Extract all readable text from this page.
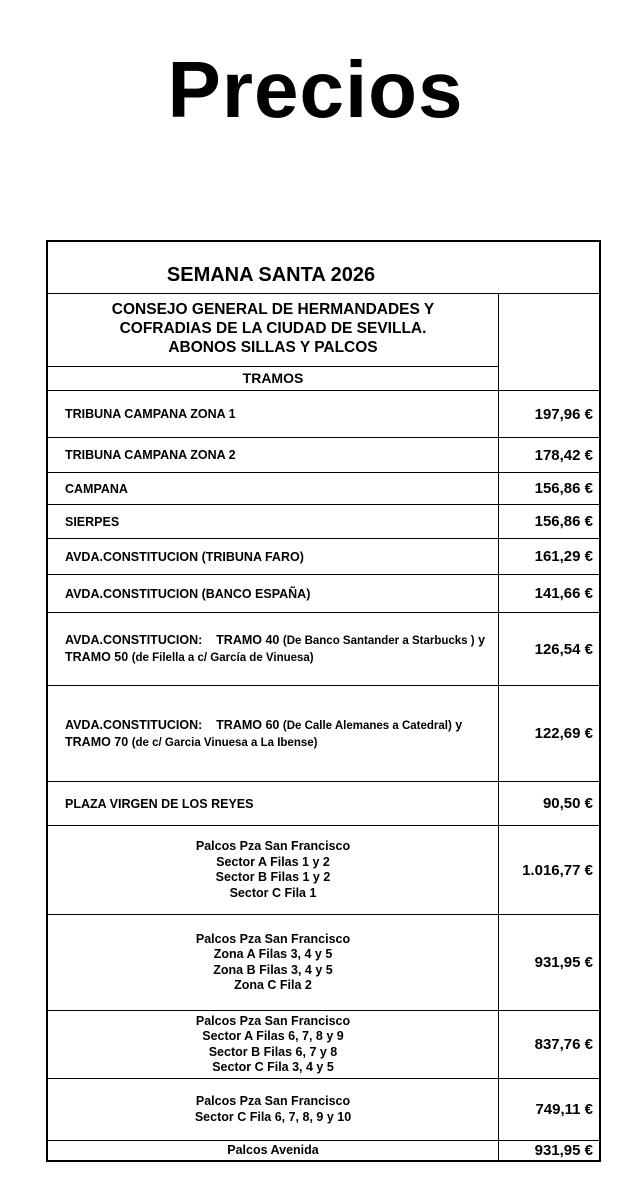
Precios
SEMANA SANTA 2026
CONSEJO GENERAL DE HERMANDADES Y
COFRADIAS DE LA CIUDAD DE SEVILLA.
ABONOS SILLAS Y PALCOS
TRAMOS
TRIBUNA CAMPANA ZONA 1	197,96 €
TRIBUNA CAMPANA ZONA 2	178,42 €
CAMPANA	156,86 €
SIERPES	156,86 €
AVDA.CONSTITUCION (TRIBUNA FARO)	161,29 €
AVDA.CONSTITUCION (BANCO ESPAÑA)	141,66 €
AVDA.CONSTITUCION: TRAMO 40 (De Banco Santander a Starbucks ) y TRAMO 50 (de Filella a c/ García de Vinuesa)
126,54 €
AVDA.CONSTITUCION: TRAMO 60 (De Calle Alemanes a Catedral) y TRAMO 70 (de c/ Garcia Vinuesa a La Ibense)
122,69 €
PLAZA VIRGEN DE LOS REYES	90,50 €
Palcos Pza San Francisco
Sector A Filas 1 y 2
Sector B Filas 1 y 2
Sector C Fila 1
1.016,77 €
Palcos Pza San Francisco
Zona A Filas 3, 4 y 5
Zona B Filas 3, 4 y 5
Zona C Fila 2
931,95 €
Palcos Pza San Francisco
Sector A Filas 6, 7, 8 y 9
Sector B Filas 6, 7 y 8
Sector C Fila 3, 4 y 5
837,76 €
Palcos Pza San Francisco
Sector C Fila 6, 7, 8, 9 y 10	749,11 €
Palcos Avenida	931,95 €
